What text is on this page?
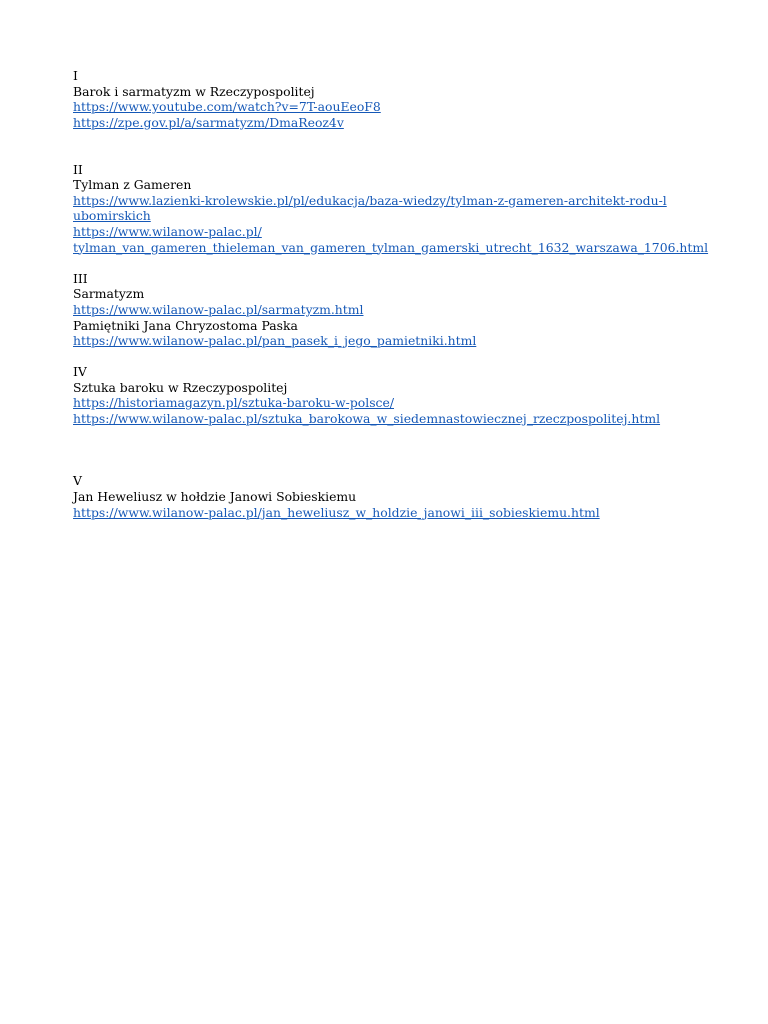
I
Barok i sarmatyzm w Rzeczypospolitej
https://www.youtube.com/watch?v=7T-aouEeoF8
https://zpe.gov.pl/a/sarmatyzm/DmaReoz4v
II
Tylman z Gameren
https://www.lazienki-krolewskie.pl/pl/edukacja/baza-wiedzy/tylman-z-gameren-architekt-rodu-lubomirskich
https://www.wilanow-palac.pl/
tylman_van_gameren_thieleman_van_gameren_tylman_gamerski_utrecht_1632_warszawa_1706.html
III
Sarmatyzm
https://www.wilanow-palac.pl/sarmatyzm.html
Pamiętniki Jana Chryzostoma Paska
https://www.wilanow-palac.pl/pan_pasek_i_jego_pamietniki.html
IV
Sztuka baroku w Rzeczypospolitej
https://historiamagazyn.pl/sztuka-baroku-w-polsce/
https://www.wilanow-palac.pl/sztuka_barokowa_w_siedemnastowiecznej_rzeczpospolitej.html
V
Jan Heweliusz w hołdzie Janowi Sobieskiemu
https://www.wilanow-palac.pl/jan_heweliusz_w_holdzie_janowi_iii_sobieskiemu.html
